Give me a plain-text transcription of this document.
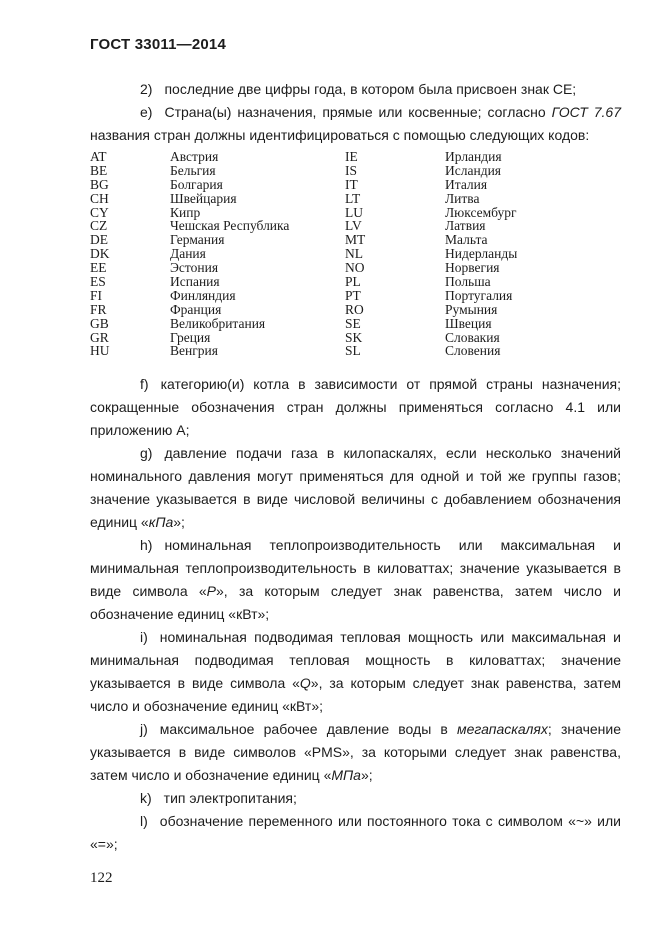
ГОСТ 33011—2014
2) последние две цифры года, в котором была присвоен знак СЕ;
е) Страна(ы) назначения, прямые или косвенные; согласно ГОСТ 7.67 названия стран должны идентифицироваться с помощью следующих кодов:
AT	Австрия	IE	Ирландия
BE	Бельгия	IS	Исландия
BG	Болгария	IT	Италия
CH	Швейцария	LT	Литва
CY	Кипр	LU	Люксембург
CZ	Чешская Республика	LV	Латвия
DE	Германия	MT	Мальта
DK	Дания	NL	Нидерланды
EE	Эстония	NO	Норвегия
ES	Испания	PL	Польша
FI	Финляндия	PT	Португалия
FR	Франция	RO	Румыния
GB	Великобритания	SE	Швеция
GR	Греция	SK	Словакия
HU	Венгрия	SL	Словения
f) категорию(и) котла в зависимости от прямой страны назначения; сокращенные обозначения стран должны применяться согласно 4.1 или приложению А;
g) давление подачи газа в килопаскалях, если несколько значений номинального давления могут применяться для одной и той же группы газов; значение указывается в виде числовой величины с добавлением обозначения единиц «кПа»;
h) номинальная теплопроизводительность или максимальная и минимальная теплопроизводительность в киловаттах; значение указывается в виде символа «P», за которым следует знак равенства, затем число и обозначение единиц «кВт»;
i) номинальная подводимая тепловая мощность или максимальная и минимальная подводимая тепловая мощность в киловаттах; значение указывается в виде символа «Q», за которым следует знак равенства, затем число и обозначение единиц «кВт»;
j) максимальное рабочее давление воды в мегапаскалях; значение указывается в виде символов «PMS», за которыми следует знак равенства, затем число и обозначение единиц «МПа»;
k) тип электропитания;
l) обозначение переменного или постоянного тока с символом «~» или «=»;
122
